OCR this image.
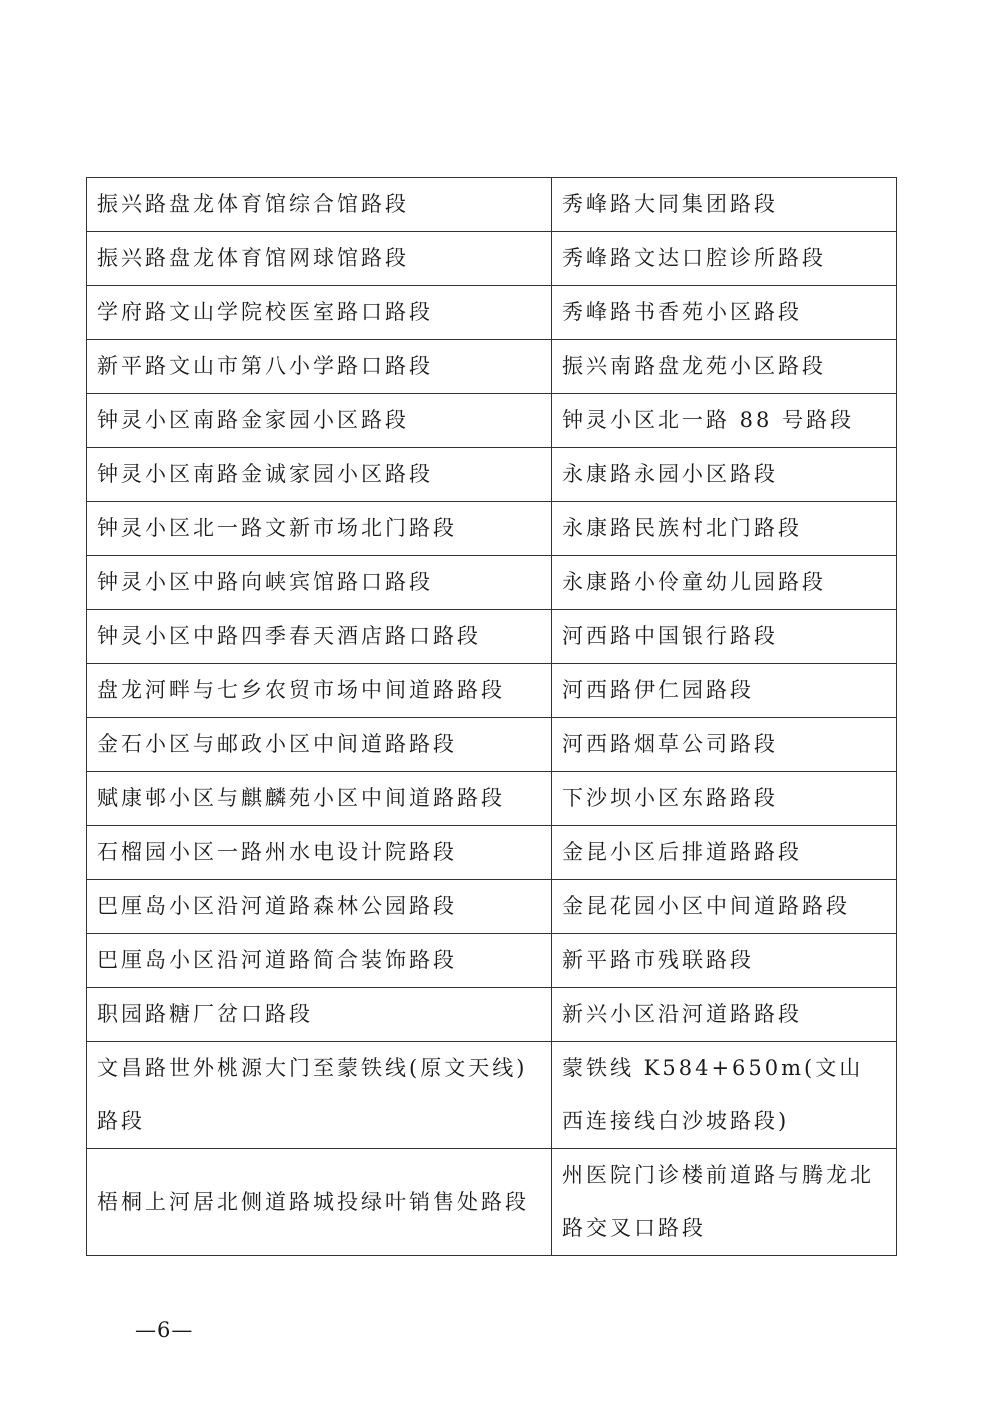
振兴路盘龙体育馆综合馆路段	秀峰路大同集团路段
振兴路盘龙体育馆网球馆路段	秀峰路文达口腔诊所路段
学府路文山学院校医室路口路段	秀峰路书香苑小区路段
新平路文山市第八小学路口路段	振兴南路盘龙苑小区路段
钟灵小区南路金家园小区路段	钟灵小区北一路 88 号路段
钟灵小区南路金诚家园小区路段	永康路永园小区路段
钟灵小区北一路文新市场北门路段	永康路民族村北门路段
钟灵小区中路向峡宾馆路口路段	永康路小伶童幼儿园路段
钟灵小区中路四季春天酒店路口路段	河西路中国银行路段
盘龙河畔与七乡农贸市场中间道路路段	河西路伊仁园路段
金石小区与邮政小区中间道路路段	河西路烟草公司路段
赋康邨小区与麒麟苑小区中间道路路段	下沙坝小区东路路段
石榴园小区一路州水电设计院路段	金昆小区后排道路路段
巴厘岛小区沿河道路森林公园路段	金昆花园小区中间道路路段
巴厘岛小区沿河道路简合装饰路段	新平路市残联路段
职园路糖厂岔口路段	新兴小区沿河道路路段
文昌路世外桃源大门至蒙铁线(原文天线)路段	蒙铁线 K584+650m(文山西连接线白沙坡路段)
梧桐上河居北侧道路城投绿叶销售处路段	州医院门诊楼前道路与腾龙北路交叉口路段
—6—
